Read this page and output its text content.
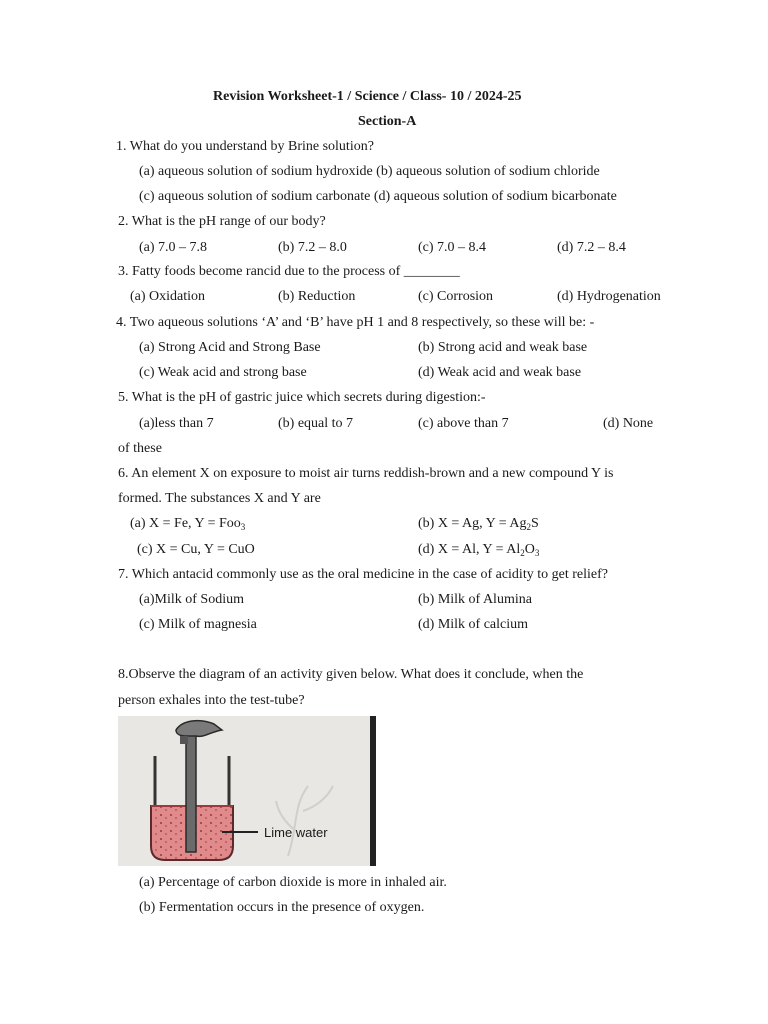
Revision Worksheet-1 / Science / Class- 10 / 2024-25
Section-A
1. What do you understand by Brine solution?
(a) aqueous solution of sodium hydroxide (b) aqueous solution of sodium chloride
(c) aqueous solution of sodium carbonate (d) aqueous solution of sodium bicarbonate
2. What is the pH range of our body?
(a) 7.0 – 7.8	(b) 7.2 – 8.0	(c) 7.0 – 8.4	(d) 7.2 – 8.4
3. Fatty foods become rancid due to the process of ________
(a) Oxidation	(b) Reduction	(c) Corrosion	(d) Hydrogenation
4. Two aqueous solutions ‘A’ and ‘B’ have pH 1 and 8 respectively, so these will be: -
(a) Strong Acid and Strong Base	(b) Strong acid and weak base
(c) Weak acid and strong base	(d) Weak acid and weak base
5. What is the pH of gastric juice which secrets during digestion:-
(a)less than 7	(b) equal to 7	(c) above than 7	(d) None
of these
6. An element X on exposure to moist air turns reddish-brown and a new compound Y is
formed. The substances X and Y are
(a) X = Fe, Y = Foo$_3$	(b) X = Ag, $Y = Ag_2S$
(c) X = Cu, Y = CuO	(d) X = Al, $Y = Al_2O_3$
7. Which antacid commonly use as the oral medicine in the case of acidity to get relief?
(a)Milk of Sodium	(b) Milk of Alumina
(c) Milk of magnesia	(d) Milk of calcium
8.Observe the diagram of an activity given below. What does it conclude, when the
person exhales into the test-tube?
Lime water
(a) Percentage of carbon dioxide is more in inhaled air.
(b) Fermentation occurs in the presence of oxygen.
